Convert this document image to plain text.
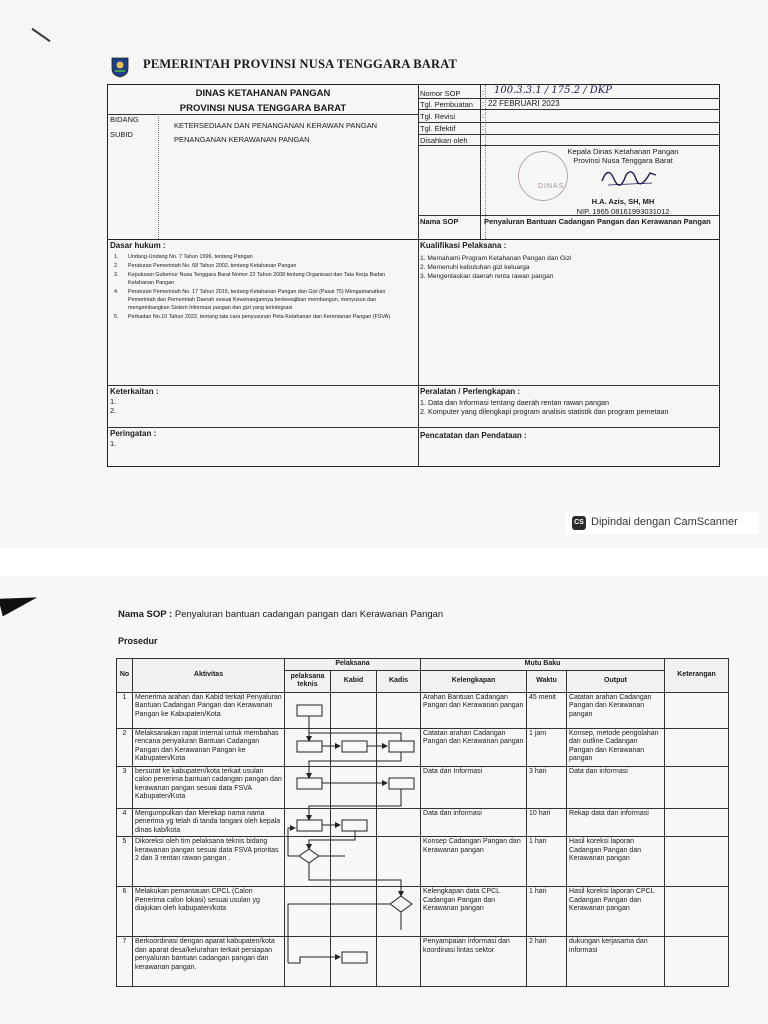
PEMERINTAH PROVINSI NUSA TENGGARA BARAT
DINAS KETAHANAN PANGAN
PROVINSI NUSA TENGGARA BARAT
BIDANG
KETERSEDIAAN DAN PENANGANAN KERAWAN PANGAN
SUBID
PENANGANAN KERAWANAN PANGAN
Nomor SOP	: 100.3.3.1 / 175.2 / DKP
Tgl. Pembuatan : 22 FEBRUARI 2023
Tgl. Revisi	:
Tgl. Efektif	:
Disahkan oleh
DINAS
Kepala Dinas Ketahanan Pangan
Provinsi Nusa Tenggara Barat
H.A. Azis, SH, MH
NIP. 1965 08161993031012
Nama SOP	Penyaluran Bantuan Cadangan Pangan dan Kerawanan Pangan
Dasar hukum :
1. Undang-Undang No. 7 Tahun 1996, tentang Pangan
2. Peraturan Pemerintah No. 68 Tahun 2002, tentang Ketahanan Pangan
3. Keputusan Gubernur Nusa Tenggara Barat Nomor 22 Tahun 2008 tentang Organisasi dan Tata Kerja Badan Ketahanan Pangan
4. Peraturan Pemerintah No. 17 Tahun 2015, tentang Ketahanan Pangan dan Gizi (Pasal 75) Mengamanatkan Pemerintah dan Pemerintah Daerah sesuai Kewenangannya berkewajiban membangun, menyusun dan mengembangkan Sistem Informasi pangan dan gizi yang terintegrasi
5. Perbadan No.10 Tahun 2022, tentang tata cara penyusunan Peta Ketahanan dan Kerentanan Pangan (FSVA)
Kualifikasi Pelaksana :
1. Memahami Program Ketahanan Pangan dan Gizi
2. Memenuhi kebutuhan gizi keluarga
3. Mengentaskan daerah renta rawan pangan
Keterkaitan :
1.
2.
Peralatan / Perlengkapan :
1. Data dan Informasi tentang daerah rentan rawan pangan
2. Komputer yang dilengkapi program analisis statistik dan program pemetaan
Peringatan :
1.
Pencatatan dan Pendataan :
CS Dipindai dengan CamScanner
Nama SOP : Penyaluran bantuan cadangan pangan dan Kerawanan Pangan
Prosedur
No	Aktivitas	Pelaksana			Mutu Baku			Keterangan
		pelaksana teknis	Kabid	Kadis	Kelengkapan	Waktu	Output	
1	Menerima arahan dan Kabid terkait Penyaluran Bantuan Cadangan Pangan dan Kerawanan Pangan ke Kabupaten/Kota				Arahan Bantuan Cadangan Pangan dan Kerawanan pangan	45 menit	Catatan arahan Cadangan Pangan dan Kerawanan pangan	
2	Melaksanakan rapat internal untuk membahas rencana penyaluran Bantuan Cadangan Pangan dan Kerawanan Pangan ke Kabupaten/Kota				Catatan arahan Cadangan Pangan dan Kerawanan pangan	1 jam	Konsep, metode pengolahan dan outline Cadangan Pangan dan Kerawanan pangan	
3	bersurat ke kabupaten/kota terkait usulan calon penerima bantuan cadangan pangan dan kerawanan pangan sesuai data FSVA Kabupaten/Kota				Data dan Informasi	3 hari	Data dan informasi	
4	Mengumpulkan dan Merekap nama nama penerima yg telah di tanda tangani oleh kepala dinas kab/kota				Data dan informasi	10 hari	Rekap data dan informasi	
5	Dikoreksi oleh tim pelaksana teknis bidang kerawanan pangan sesuai data FSVA prioritas 2 dan 3 rentan rawan pangan .				Konsep Cadangan Pangan dan Kerawanan pangan	1 hari	Hasil koreksi laporan Cadangan Pangan dan Kerawanan pangan	
6	Melakukan pemantauan CPCL (Calon Penerima calon lokasi) sesuai usulan yg diajukan oleh kabupaten/kota				Kelengkapan data CPCL Cadangan Pangan dan Kerawanan pangan	1 hari	Hasil koreksi laporan CPCL Cadangan Pangan dan Kerawanan pangan	
7	Berkoordinasi dengan aparat kabupaten/kota dan aparat desa/kelurahan terkait persiapan penyaluran bantuan cadangan pangan dan kerawanan pangan.				Penyampaian informasi dan koordinasi lintas sektor	2 hari	dukungan kerjasama dan informasi	
